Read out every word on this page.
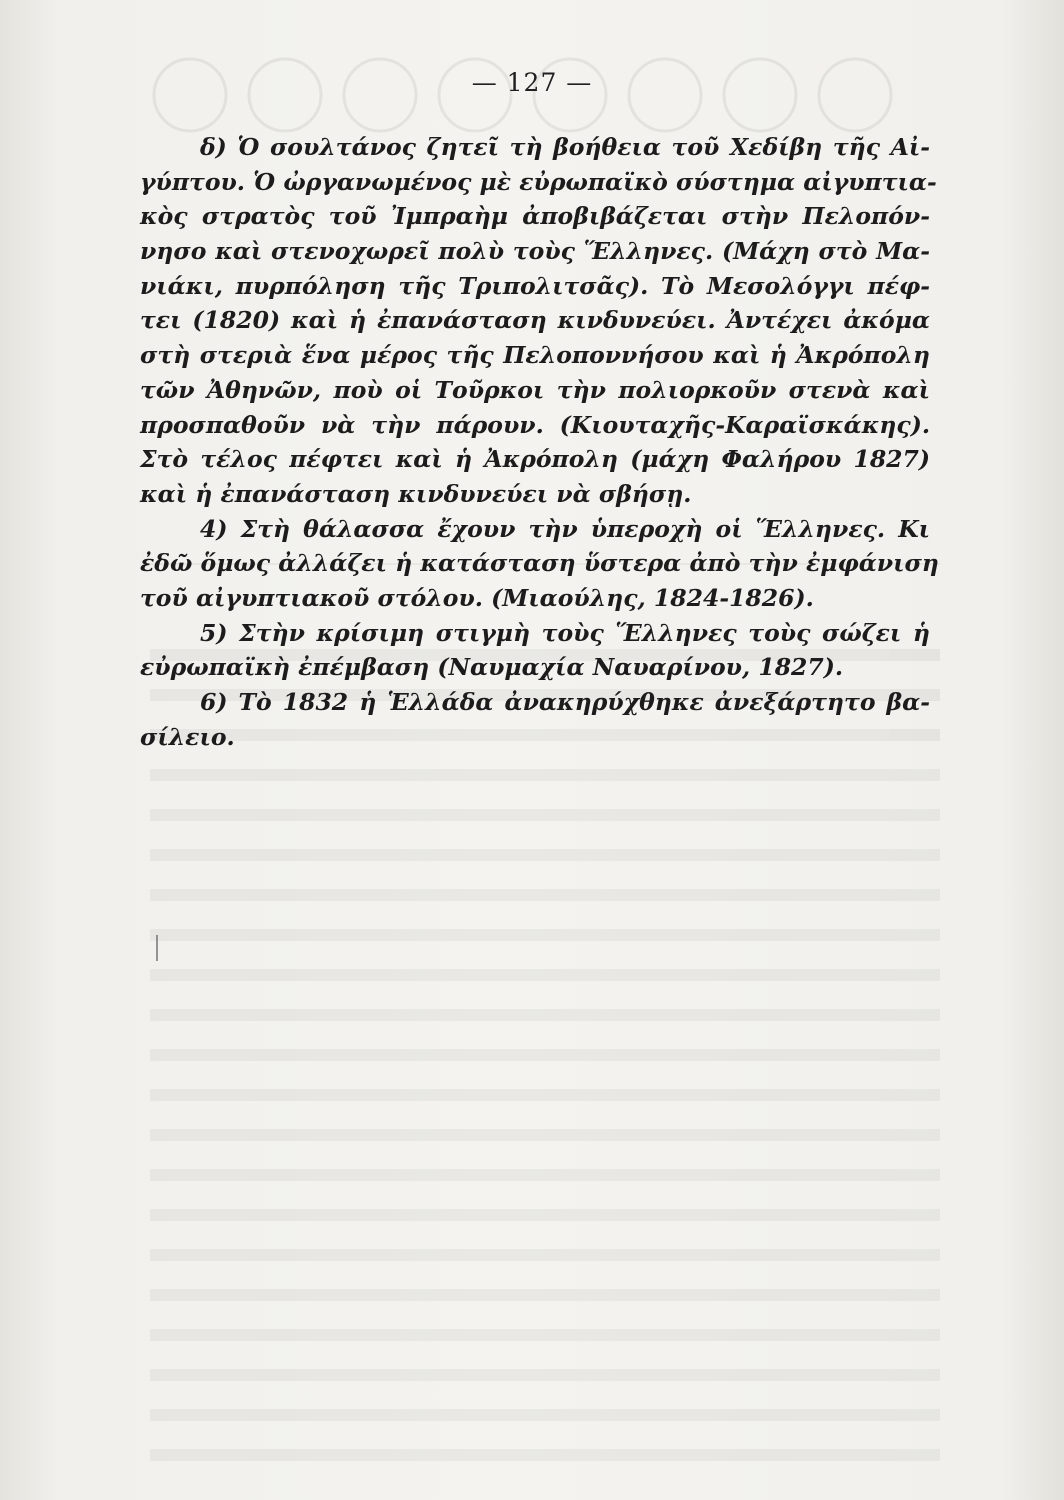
— 127 —
δ) Ὁ σουλτάνος ζητεῖ τὴ βοήθεια τοῦ Χεδίβη τῆς Αἰ-
γύπτου. Ὁ ὠργανωμένος μὲ εὐρωπαϊκὸ σύστημα αἰγυπτια-
κὸς στρατὸς τοῦ Ἰμπραὴμ ἀποβιβάζεται στὴν Πελοπόν-
νησο καὶ στενοχωρεῖ πολὺ τοὺς Ἕλληνες. (Μάχη στὸ Μα-
νιάκι, πυρπόληση τῆς Τριπολιτσᾶς). Τὸ Μεσολόγγι πέφ-
τει (1820) καὶ ἡ ἐπανάσταση κινδυνεύει. Ἀντέχει ἀκόμα
στὴ στεριὰ ἕνα μέρος τῆς Πελοποννήσου καὶ ἡ Ἀκρόπολη
τῶν Ἀθηνῶν, ποὺ οἱ Τοῦρκοι τὴν πολιορκοῦν στενὰ καὶ
προσπαθοῦν νὰ τὴν πάρουν. (Κιουταχῆς-Καραϊσκάκης).
Στὸ τέλος πέφτει καὶ ἡ Ἀκρόπολη (μάχη Φαλήρου 1827)
καὶ ἡ ἐπανάσταση κινδυνεύει νὰ σβήσῃ.
4) Στὴ θάλασσα ἔχουν τὴν ὑπεροχὴ οἱ Ἕλληνες. Κι
ἐδῶ ὅμως ἀλλάζει ἡ κατάσταση ὕστερα ἀπὸ τὴν ἐμφάνιση
τοῦ αἰγυπτιακοῦ στόλου. (Μιαούλης, 1824-1826).
5) Στὴν κρίσιμη στιγμὴ τοὺς Ἕλληνες τοὺς σώζει ἡ
εὐρωπαϊκὴ ἐπέμβαση (Ναυμαχία Ναυαρίνου, 1827).
6) Τὸ 1832 ἡ Ἑλλάδα ἀνακηρύχθηκε ἀνεξάρτητο βα-
σίλειο.
